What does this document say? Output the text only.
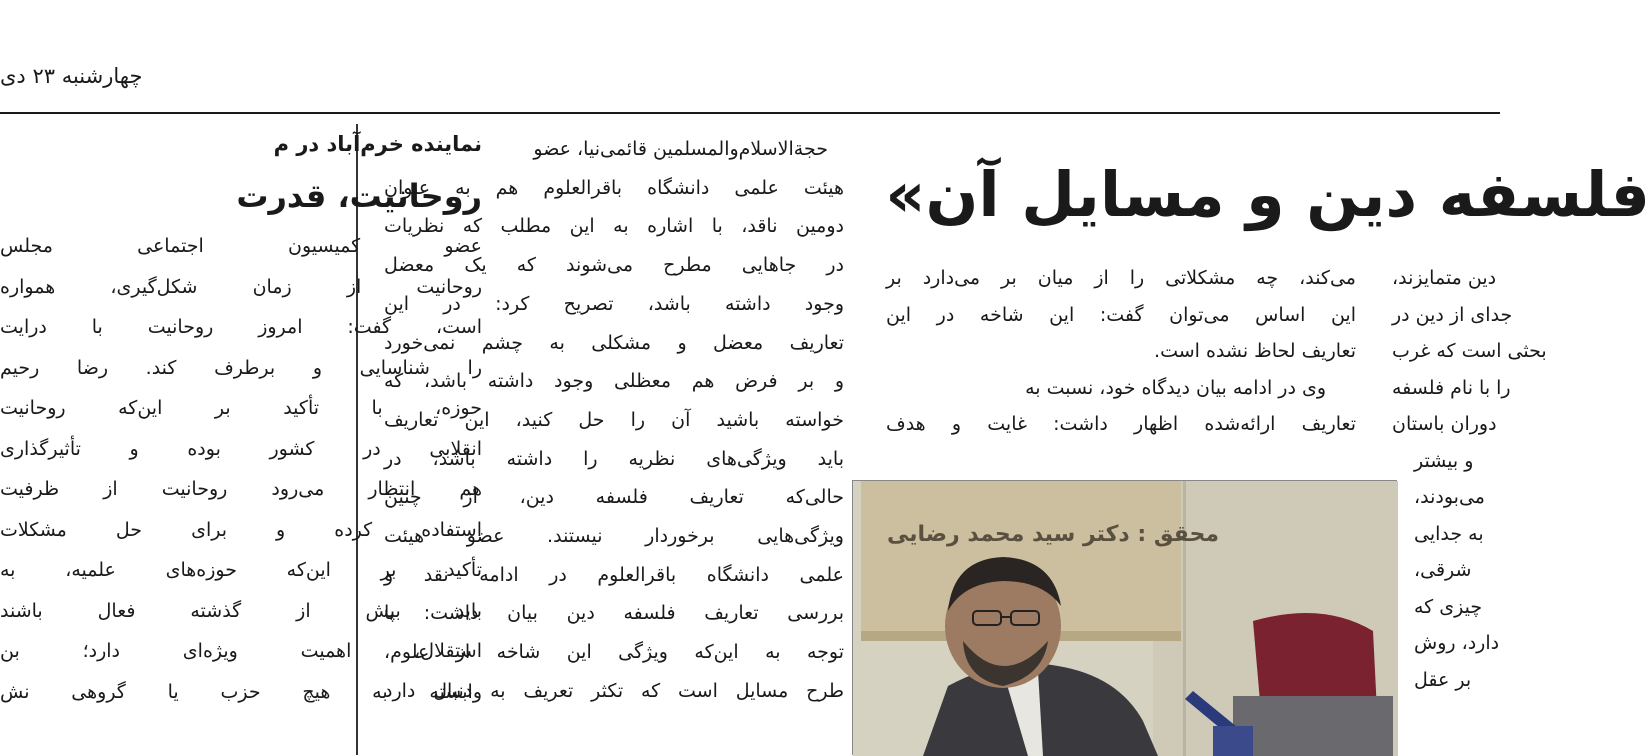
چهارشنبه ۲۳ دی
نماینده خرم‌آباد در م
روحانیت، قدرت
عضو کمیسیون اجتماعی مجلس
روحانیت از زمان شکل‌گیری، همواره
است، گفت: امروز روحانیت با درایت
را شناسایی و برطرف کند. رضا رحیم
حوزه، با تأکید بر این‌که روحانیت
انقلابی در کشور بوده و تأثیرگذاری
هم انتظار می‌رود روحانیت از ظرفیت
استفاده کرده و برای حل مشکلات
تأکید بر این‌که حوزه‌های علمیه، به
باید بیش از گذشته فعال باشند
استقلال، اهمیت ویژه‌ای دارد؛ بن
وابسته به هیچ حزب یا گروهی نش
حجةالاسلام‌والمسلمین قائمی‌نیا، عضو
هیئت علمی دانشگاه باقرالعلوم هم به عنوان
دومین ناقد، با اشاره به این مطلب که نظریات
در جاهایی مطرح می‌شوند که یک معضل
وجود داشته باشد، تصریح کرد: در این
تعاریف معضل و مشکلی به چشم نمی‌خورد
و بر فرض هم معظلی وجود داشته باشد، که
خواسته باشید آن را حل کنید، این تعاریف
باید ویژگی‌های نظریه را داشته باشد، در
حالی‌که تعاریف فلسفه دین، از چنین
ویژگی‌هایی برخوردار نیستند. عضو هیئت
علمی دانشگاه باقرالعلوم در ادامه نقد و
بررسی تعاریف فلسفه دین بیان داشت: با
توجه به این‌که ویژگی این شاخه از علوم،
طرح مسایل است که تکثر تعریف به دنبال دارد
فلسفه دین و مسایل آن»
می‌کند، چه مشکلاتی را از میان بر می‌دارد بر
این اساس می‌توان گفت: این شاخه در این
تعاریف لحاظ نشده است.
وی در ادامه بیان دیدگاه خود، نسبت به
تعاریف ارائه‌شده اظهار داشت: غایت و هدف
دین متمایزند،
جدای از دین در
بحثی است که غرب
را با نام فلسفه
دوران باستان
و بیشتر
می‌بودند،
به جدایی
شرقی،
چیزی که
دارد، روش
بر عقل
محقق : دکتر سید محمد رضایی
